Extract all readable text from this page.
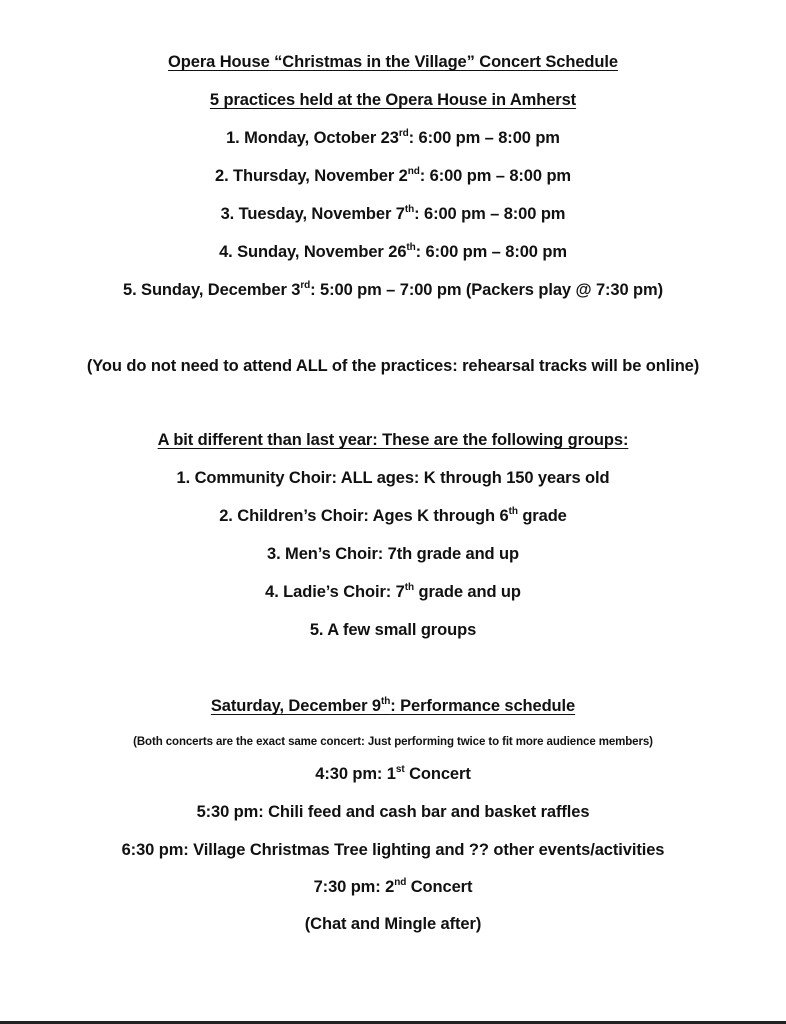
Opera House “Christmas in the Village” Concert Schedule
5 practices held at the Opera House in Amherst
1. Monday, October 23rd: 6:00 pm – 8:00 pm
2. Thursday, November 2nd: 6:00 pm – 8:00 pm
3. Tuesday, November 7th: 6:00 pm – 8:00 pm
4. Sunday, November 26th: 6:00 pm – 8:00 pm
5. Sunday, December 3rd: 5:00 pm – 7:00 pm (Packers play @ 7:30 pm)
(You do not need to attend ALL of the practices: rehearsal tracks will be online)
A bit different than last year: These are the following groups:
1. Community Choir: ALL ages: K through 150 years old
2. Children’s Choir: Ages K through 6th grade
3. Men’s Choir: 7th grade and up
4. Ladie’s Choir: 7th grade and up
5. A few small groups
Saturday, December 9th: Performance schedule
(Both concerts are the exact same concert: Just performing twice to fit more audience members)
4:30 pm: 1st Concert
5:30 pm: Chili feed and cash bar and basket raffles
6:30 pm: Village Christmas Tree lighting and ?? other events/activities
7:30 pm: 2nd Concert
(Chat and Mingle after)
